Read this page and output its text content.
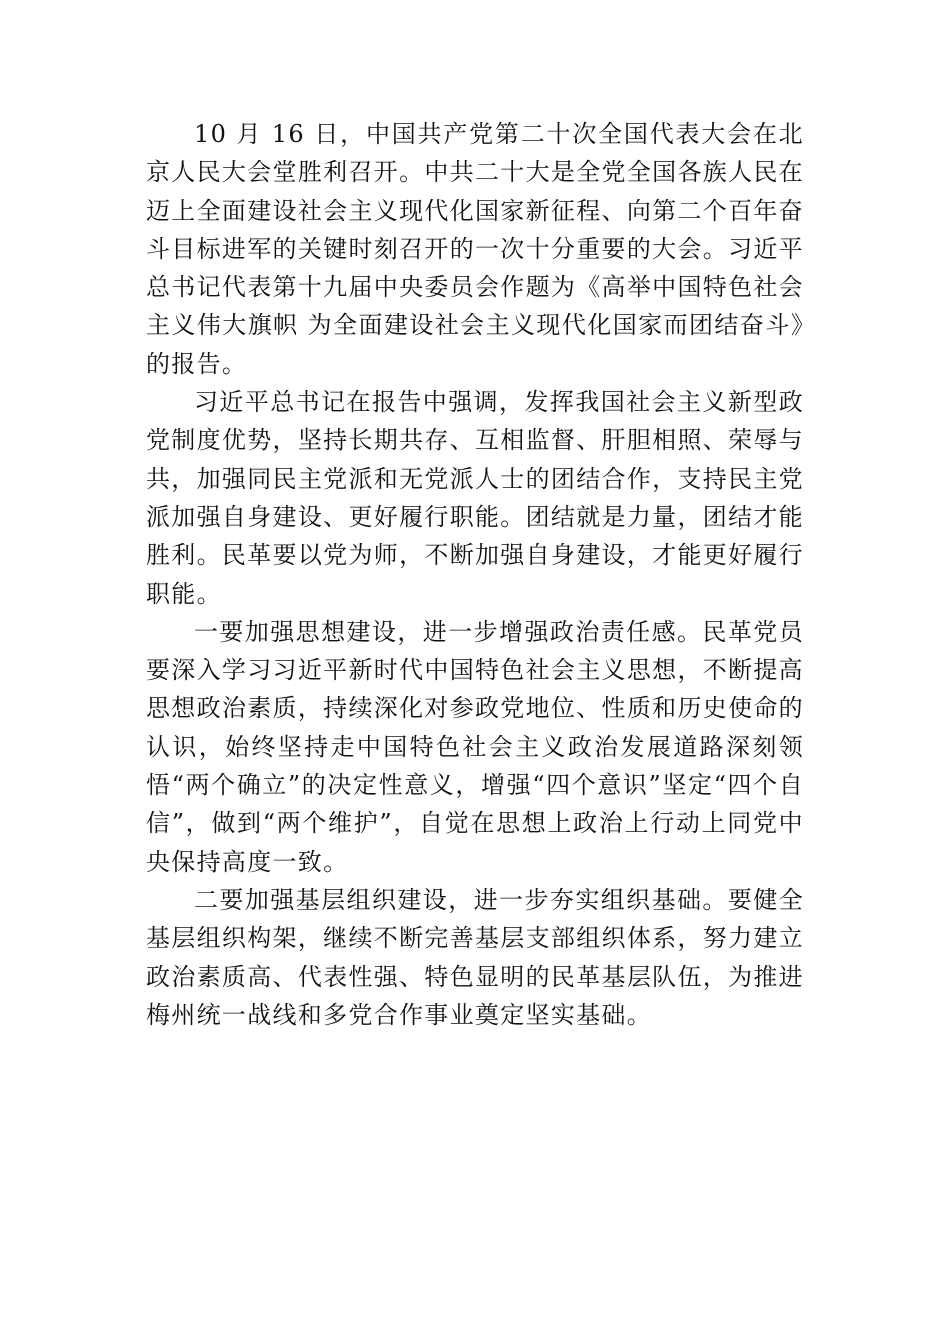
10 月 16 日，中国共产党第二十次全国代表大会在北京人民大会堂胜利召开。中共二十大是全党全国各族人民在迈上全面建设社会主义现代化国家新征程、向第二个百年奋斗目标进军的关键时刻召开的一次十分重要的大会。习近平总书记代表第十九届中央委员会作题为《高举中国特色社会主义伟大旗帜 为全面建设社会主义现代化国家而团结奋斗》的报告。

习近平总书记在报告中强调，发挥我国社会主义新型政党制度优势，坚持长期共存、互相监督、肝胆相照、荣辱与共，加强同民主党派和无党派人士的团结合作，支持民主党派加强自身建设、更好履行职能。团结就是力量，团结才能胜利。民革要以党为师，不断加强自身建设，才能更好履行职能。

一要加强思想建设，进一步增强政治责任感。民革党员要深入学习习近平新时代中国特色社会主义思想，不断提高思想政治素质，持续深化对参政党地位、性质和历史使命的认识，始终坚持走中国特色社会主义政治发展道路深刻领悟“两个确立”的决定性意义，增强“四个意识”坚定“四个自信”，做到“两个维护”，自觉在思想上政治上行动上同党中央保持高度一致。

二要加强基层组织建设，进一步夯实组织基础。要健全基层组织构架，继续不断完善基层支部组织体系，努力建立政治素质高、代表性强、特色显明的民革基层队伍，为推进梅州统一战线和多党合作事业奠定坚实基础。
